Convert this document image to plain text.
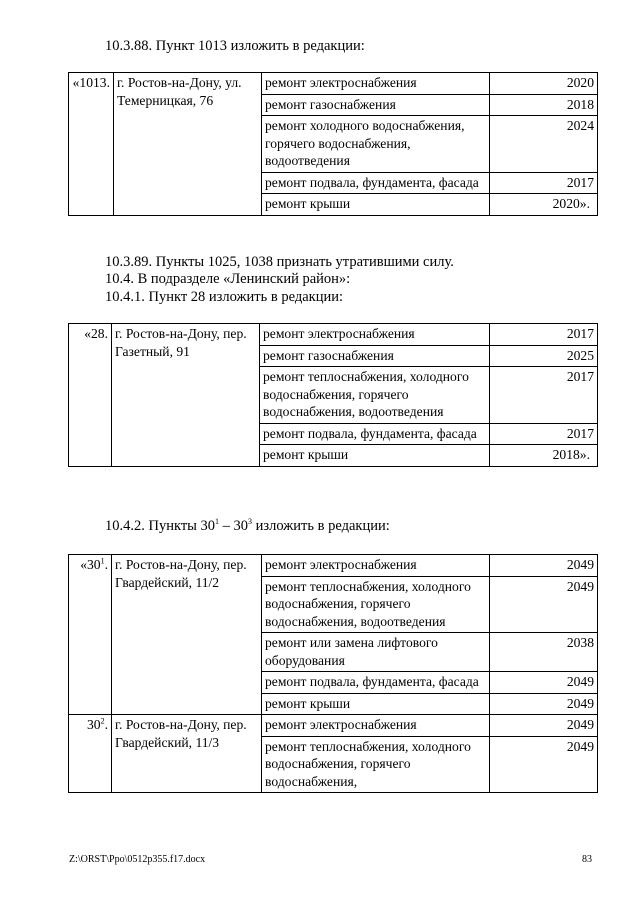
10.3.88. Пункт 1013 изложить в редакции:
«1013.	г. Ростов-на-Дону, ул. Темерницкая, 76	ремонт электроснабжения	2020
		ремонт газоснабжения	2018
		ремонт холодного водоснабжения, горячего водоснабжения, водоотведения	2024
		ремонт подвала, фундамента, фасада	2017
		ремонт крыши	2020».
10.3.89. Пункты 1025, 1038 признать утратившими силу.
10.4. В подразделе «Ленинский район»:
10.4.1. Пункт 28 изложить в редакции:
«28.	г. Ростов-на-Дону, пер. Газетный, 91	ремонт электроснабжения	2017
		ремонт газоснабжения	2025
		ремонт теплоснабжения, холодного водоснабжения, горячего водоснабжения, водоотведения	2017
		ремонт подвала, фундамента, фасада	2017
		ремонт крыши	2018».
10.4.2. Пункты $30^1 - 30^3$ изложить в редакции:
«$30^1$.	г. Ростов-на-Дону, пер. Гвардейский, 11/2	ремонт электроснабжения	2049
		ремонт теплоснабжения, холодного водоснабжения, горячего водоснабжения, водоотведения	2049
		ремонт или замена лифтового оборудования	2038
		ремонт подвала, фундамента, фасада	2049
		ремонт крыши	2049
$30^2$.	г. Ростов-на-Дону, пер. Гвардейский, 11/3	ремонт электроснабжения	2049
		ремонт теплоснабжения, холодного водоснабжения, горячего водоснабжения,	2049
Z:\ORST\Ppo\0512p355.f17.docx	83
